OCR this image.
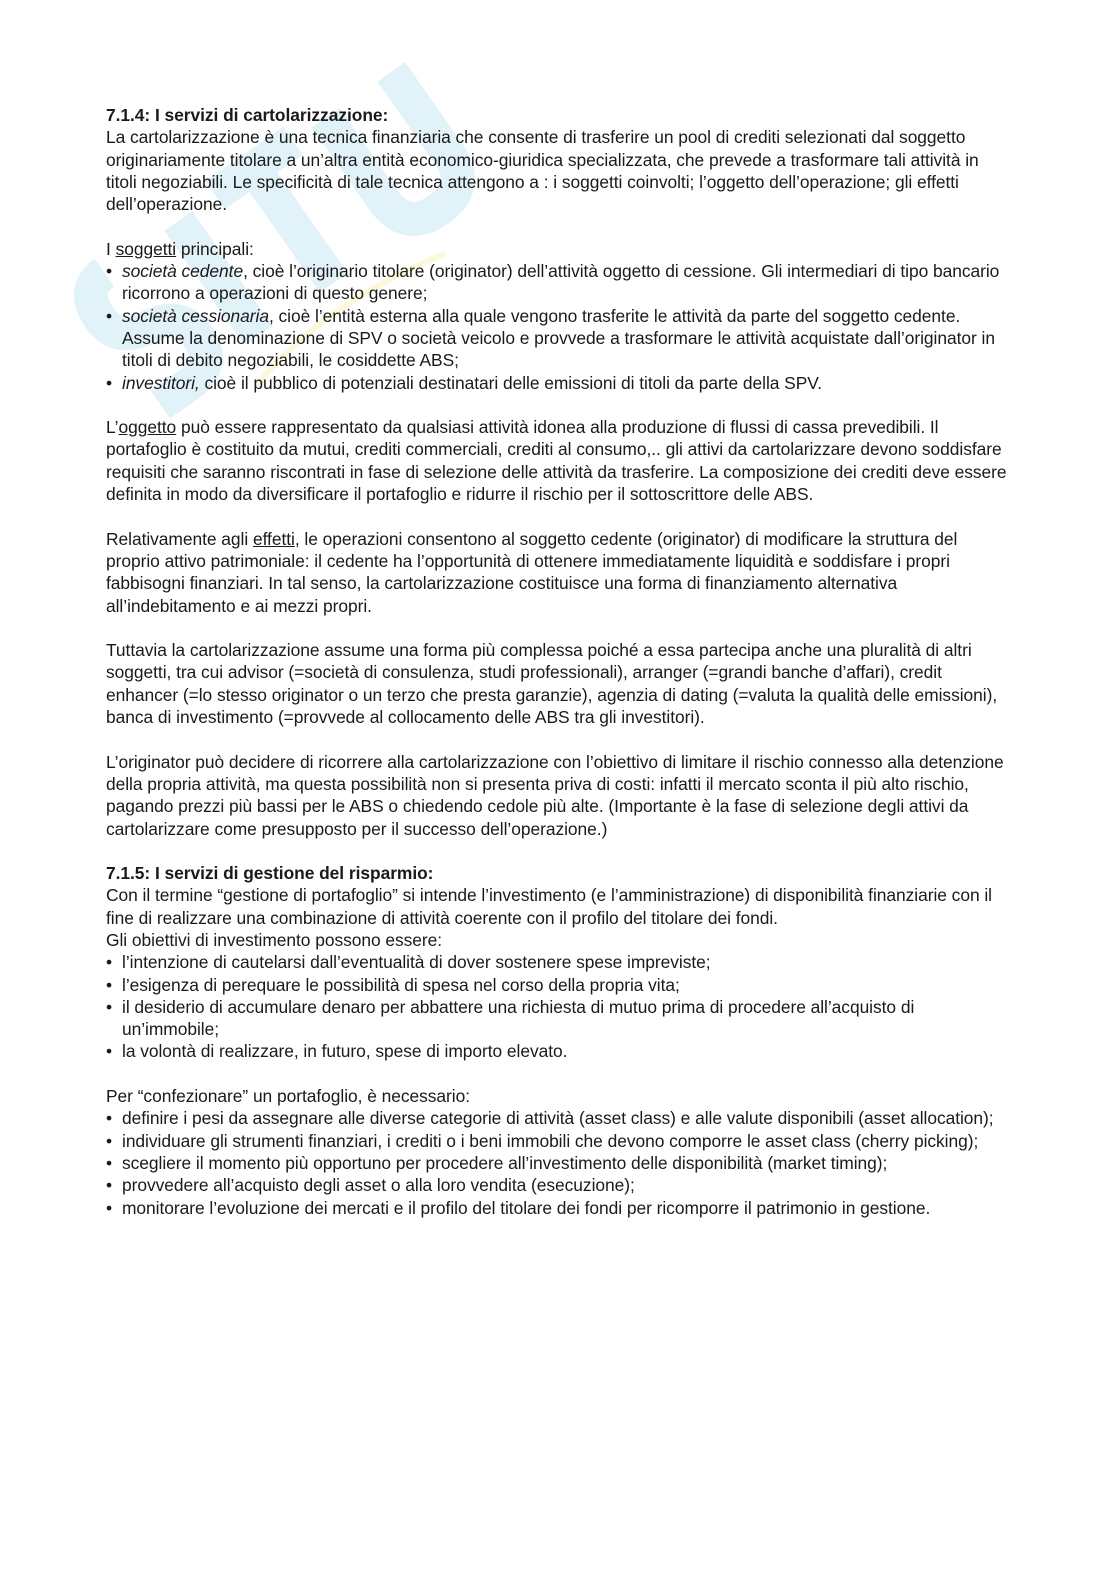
7.1.4: I servizi di cartolarizzazione:

La cartolarizzazione è una tecnica finanziaria che consente di trasferire un pool di crediti selezionati dal soggetto originariamente titolare a un’altra entità economico-giuridica specializzata, che prevede a trasformare tali attività in titoli negoziabili. Le specificità di tale tecnica attengono a : i soggetti coinvolti; l’oggetto dell’operazione; gli effetti dell’operazione.

I soggetti principali:

• società cedente, cioè l’originario titolare (originator) dell’attività oggetto di cessione. Gli intermediari di tipo bancario ricorrono a operazioni di questo genere;
• società cessionaria, cioè l’entità esterna alla quale vengono trasferite le attività da parte del soggetto cedente. Assume la denominazione di SPV o società veicolo e provvede a trasformare le attività acquistate dall’originator in titoli di debito negoziabili, le cosiddette ABS;
• investitori, cioè il pubblico di potenziali destinatari delle emissioni di titoli da parte della SPV.

L’oggetto può essere rappresentato da qualsiasi attività idonea alla produzione di flussi di cassa prevedibili. Il portafoglio è costituito da mutui, crediti commerciali, crediti al consumo,.. gli attivi da cartolarizzare devono soddisfare requisiti che saranno riscontrati in fase di selezione delle attività da trasferire. La composizione dei crediti deve essere definita in modo da diversificare il portafoglio e ridurre il rischio per il sottoscrittore delle ABS.

Relativamente agli effetti, le operazioni consentono al soggetto cedente (originator) di modificare la struttura del proprio attivo patrimoniale: il cedente ha l’opportunità di ottenere immediatamente liquidità e soddisfare i propri fabbisogni finanziari. In tal senso, la cartolarizzazione costituisce una forma di finanziamento alternativa all’indebitamento e ai mezzi propri.

Tuttavia la cartolarizzazione assume una forma più complessa poiché a essa partecipa anche una pluralità di altri soggetti, tra cui advisor (=società di consulenza, studi professionali), arranger (=grandi banche d’affari), credit enhancer (=lo stesso originator o un terzo che presta garanzie), agenzia di dating (=valuta la qualità delle emissioni), banca di investimento (=provvede al collocamento delle ABS tra gli investitori).

L’originator può decidere di ricorrere alla cartolarizzazione con l’obiettivo di limitare il rischio connesso alla detenzione della propria attività, ma questa possibilità non si presenta priva di costi: infatti il mercato sconta il più alto rischio, pagando prezzi più bassi per le ABS o chiedendo cedole più alte. (Importante è la fase di selezione degli attivi da cartolarizzare come presupposto per il successo dell’operazione.)

7.1.5: I servizi di gestione del risparmio:

Con il termine “gestione di portafoglio” si intende l’investimento (e l’amministrazione) di disponibilità finanziarie con il fine di realizzare una combinazione di attività coerente con il profilo del titolare dei fondi.

Gli obiettivi di investimento possono essere:

• l’intenzione di cautelarsi dall’eventualità di dover sostenere spese impreviste;
• l’esigenza di perequare le possibilità di spesa nel corso della propria vita;
• il desiderio di accumulare denaro per abbattere una richiesta di mutuo prima di procedere all’acquisto di un’immobile;
• la volontà di realizzare, in futuro, spese di importo elevato.

Per “confezionare” un portafoglio, è necessario:

• definire i pesi da assegnare alle diverse categorie di attività (asset class) e alle valute disponibili (asset allocation);
• individuare gli strumenti finanziari, i crediti o i beni immobili che devono comporre le asset class (cherry picking);
• scegliere il momento più opportuno per procedere all’investimento delle disponibilità (market timing);
• provvedere all’acquisto degli asset o alla loro vendita (esecuzione);
• monitorare l’evoluzione dei mercati e il profilo del titolare dei fondi per ricomporre il patrimonio in gestione.
